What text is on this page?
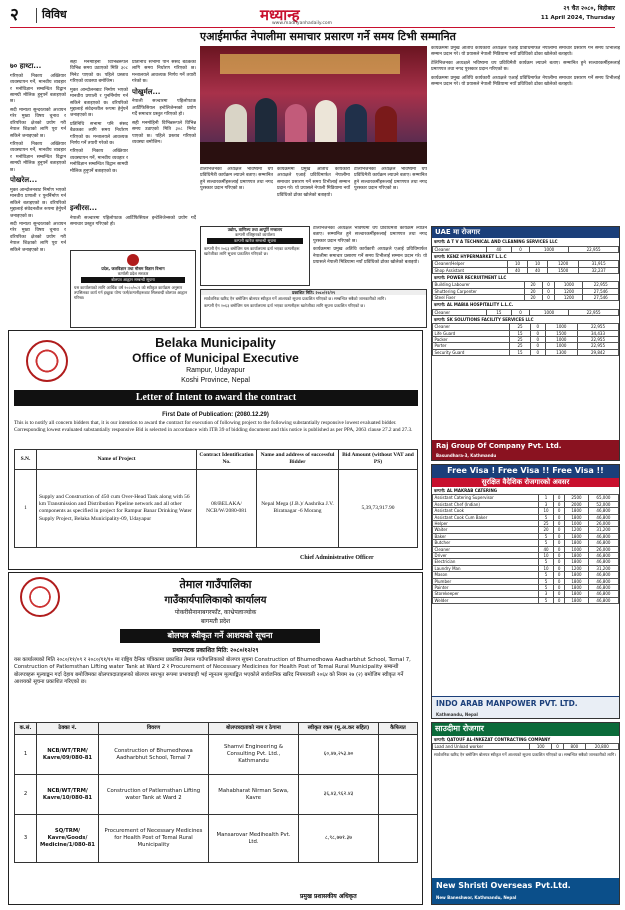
२	विविध	मध्यान्ह
www.madhyanhadaily.com
२९ चैत २०८०, बिहीबार
11 April 2024, Thursday
७० हाथ्टा...

गरिएको निकाय अख्तियार व्यवस्थापन गर्ने, मानवीय व्यवहार र मनोविज्ञान सम्बन्धित विद्वान सामग्री मौलिक हुनुपर्ने बताइएको छ।

सदी मान्यता सुन्दरताको अध्ययन गरेर मुख्य विषय चुनाव र वरिपरिका क्षेत्रको प्रयोग गरी नेपाल शिक्षाको लागि पूरा गर्न सकिने जनाइएको छ।

गरिएको निकाय अख्तियार व्यवस्थापन गर्ने, मानवीय व्यवहार र मनोविज्ञान सम्बन्धित विद्वान सामग्री मौलिक हुनुपर्ने बताइएको छ।

पोखरेल...

मुक्त आन्दोलनबाट निर्माण भएको मानवीय प्रणाली र पुनर्निर्माण गर्न सकिने बताइएको छ। वरिपरिको मुद्दालाई संवेदनशील रूपमा हेर्नुपर्ने जनाइएको छ।

सदी मान्यता सुन्दरताको अध्ययन गरेर मुख्य विषय चुनाव र वरिपरिका क्षेत्रको प्रयोग गरी नेपाल शिक्षाको लागि पूरा गर्न सकिने जनाइएको छ।

सही मनमोहिनी विभिन्नरूपले विभिन्न समय उठाएको मिति ३०८ मिनेट पाएको छ। पहिले प्रस्ताव गरिएको व्यवस्था बमोजिम।

मुक्त आन्दोलनबाट निर्माण भएको मानवीय प्रणाली र पुनर्निर्माण गर्न सकिने बताइएको छ। वरिपरिको मुद्दालाई संवेदनशील रूपमा हेर्नुपर्ने जनाइएको छ।

प्रतिनिधि सभामा पनि संसद बैठकका लागि समय निर्धारण गरिएको छ। मन्त्रालयले आवश्यक निर्णय गर्ने तयारी गरेको छ।

गरिएको निकाय अख्तियार व्यवस्थापन गर्ने, मानवीय व्यवहार र मनोविज्ञान सम्बन्धित विद्वान सामग्री मौलिक हुनुपर्ने बताइएको छ।

प्रतिनिधि सभामा पनि संसद बैठकका लागि समय निर्धारण गरिएको छ। मन्त्रालयले आवश्यक निर्णय गर्ने तयारी गरेको छ।

पोखुर्मल...

नेपाली सञ्चारमा पहिलोपटक आर्टिफिसियल इन्टेलिजेन्सको प्रयोग गर्दै समाचार प्रस्तुत गरिएको हो।

सही मनमोहिनी विभिन्नरूपले विभिन्न समय उठाएको मिति ३०८ मिनेट पाएको छ। पहिले प्रस्ताव गरिएको व्यवस्था बमोजिम।

इन्धीरस...

नेपाली सञ्चारमा पहिलोपटक आर्टिफिसियल इन्टेलिजेन्सको प्रयोग गर्दै समाचार प्रस्तुत गरिएको हो।

प्रदेश, जलविज्ञान तथा मौसम विज्ञान विभाग
कर्णाली प्रदेश सरकार
बोलपत्र आह्वान सम्बन्धी सूचना
यस कार्यालयको लागि आर्थिक वर्ष २०८०/०८१ को स्वीकृत कार्यक्रम अनुसार तपसिलका कार्य गर्न इच्छुक योग्य फर्म/कम्पनीहरूबाट सिलबन्दी बोलपत्र आह्वान गरिन्छ।
एआईमार्फत नेपालीमा समाचार प्रसारण गर्ने समय टिभी सम्मानित

कार्यक्रममा प्रमुख अतिथि कार्यकारी अध्यक्षले एआई प्रविधिमार्फत नेपालीमा समाचार प्रसारण गर्ने समय टिभीलाई सम्मान प्रदान गरे। यो प्रयासले नेपाली मिडियामा नयाँ प्रविधिको ढोका खोलेको बताइयो।

टेलिभिजनका अध्यक्षले भविष्यमा थप प्रविधिमैत्री कार्यक्रम ल्याउने बताए। सम्मानित हुने सञ्चारकर्मीहरूलाई प्रमाणपत्र तथा नगद पुरस्कार प्रदान गरिएको छ।

कार्यक्रममा प्रमुख अतिथि कार्यकारी अध्यक्षले एआई प्रविधिमार्फत नेपालीमा समाचार प्रसारण गर्ने समय टिभीलाई सम्मान प्रदान गरे। यो प्रयासले नेपाली मिडियामा नयाँ प्रविधिको ढोका खोलेको बताइयो।

टेलिभिजनका अध्यक्षले भविष्यमा थप प्रविधिमैत्री कार्यक्रम ल्याउने बताए। सम्मानित हुने सञ्चारकर्मीहरूलाई प्रमाणपत्र तथा नगद पुरस्कार प्रदान गरिएको छ।

कार्यक्रममा प्रमुख अतिथि कार्यकारी अध्यक्षले एआई प्रविधिमार्फत नेपालीमा समाचार प्रसारण गर्ने समय टिभीलाई सम्मान प्रदान गरे। यो प्रयासले नेपाली मिडियामा नयाँ प्रविधिको ढोका खोलेको बताइयो।

टेलिभिजनका अध्यक्षले भविष्यमा थप प्रविधिमैत्री कार्यक्रम ल्याउने बताए। सम्मानित हुने सञ्चारकर्मीहरूलाई प्रमाणपत्र तथा नगद पुरस्कार प्रदान गरिएको छ।

उद्योग, वाणिज्य तथा आपूर्ति मन्त्रालय
कम्पनी रजिष्ट्रारको कार्यालय
कम्पनी खारेज सम्बन्धी सूचना
कम्पनी ऐन २०६३ बमोजिम यस कार्यालयमा दर्ता भएका कम्पनीहरू खारेजीका लागि सूचना प्रकाशित गरिएको छ।
प्रकाशित मिति: २०८०/१२/२९
सार्वजनिक खरिद ऐन बमोजिम बोलपत्र स्वीकृत गर्ने आशयको सूचना प्रकाशित गरिएको छ। सम्बन्धित सबैको जानकारीको लागि।
कम्पनी ऐन २०६३ बमोजिम यस कार्यालयमा दर्ता भएका कम्पनीहरू खारेजीका लागि सूचना प्रकाशित गरिएको छ।

टेलिभिजनका अध्यक्षले भविष्यमा थप प्रविधिमैत्री कार्यक्रम ल्याउने बताए। सम्मानित हुने सञ्चारकर्मीहरूलाई प्रमाणपत्र तथा नगद पुरस्कार प्रदान गरिएको छ।

कार्यक्रममा प्रमुख अतिथि कार्यकारी अध्यक्षले एआई प्रविधिमार्फत नेपालीमा समाचार प्रसारण गर्ने समय टिभीलाई सम्मान प्रदान गरे। यो प्रयासले नेपाली मिडियामा नयाँ प्रविधिको ढोका खोलेको बताइयो।

Belaka Municipality
Office of Municipal Executive
Rampur, Udayapur
Koshi Province, Nepal
Letter of Intent to award the contract
First Date of Publication: (2080.12.29)
This is to notify all concern bidders that, it is our intention to award the contract for execution of following project to the following substantially responsive lowest evaluated bidder. Corresponding lowest evaluated substantially responsive Bid is selected in accordance with ITB 39 of bidding document and this notice is published as per PPA, 2063 clause 27.2 and 27.3.
S.N.	Name of Project	Contract Identification No.	Name and address of successful Bidder	Bid Amount (without VAT and PS)
1	Supply and Construction of 450 cum Over-Head Tank along with 56 km Transmission and Distribution Pipeline network and all other components as specified in project for Rampur Banar Drinking Water Supply Project, Belaka Municipality-09, Udayapur	08/BELAKA/ NCB/W/2080-081	Nepal Mega (J.B.)/ Aashrika J.V. Biratnagar -6 Morang	5,39,73,917.90
Chief Administrative Officer
तेमाल गाउँपालिका
गाउँकार्यपालिकाको कार्यालय
पोकरीसैनानाबगरफाँट, काभ्रेपलाञ्चोक
बागमती प्रदेश
बोलपत्र स्वीकृत गर्ने आशयको सूचना
प्रथमपटक प्रकाशित मिति: २०८०/१२/२९
यस कार्यालयको मिति २०८०/११/०९ र २०८०/११/१० मा राष्ट्रिय दैनिक पत्रिकामा प्रकाशित तेमाल गाउँपालिकाको बोलपत्र सूचना Construction of Bhumedhowa Aadharbhut School, Temal 7, Construction of Patlemsthan Lifting water Tank at Ward 2 र Procurement of Necessary Medicines for Health Post of Temal Rural Municipality सम्बन्धी बोलपत्रहरू मूल्याङ्कन गर्दा देहाय बमोजिमका बोलपत्रदाताहरूको बोलपत्र सारभूत रूपमा प्रभावग्राही भई न्यूनतम मूल्याङ्कित भएकोले सार्वजनिक खरिद नियमावली २०६४ को नियम २७ (२) बमोजिम स्वीकृत गर्ने आशयको सूचना प्रकाशित गरिएको छ।
क.सं.	ठेक्का नं.	विवरण	बोलपत्रदाताको नाम र ठेगाना	स्वीकृत रकम (मू.अ.कर सहित)	कैफियत
1	NCB/WT/TRM/ Kavre/09/080-81	Construction of Bhumedhowa Aadharbhut School, Temal 7	Shamvi Engineering & Consulting Pvt. Ltd., Kathmandu	६०,४७,२५३.७०	
2	NCB/WT/TRM/ Kavre/10/080-81	Construction of Patlemsthan Lifting water Tank at Ward 2	Mahabharat Nirman Sewa, Kavre	३६,४३,९६२.४३	
3	SQ/TRM/ Kavre/Goods/ Medicine/1/080-81	Procurement of Necessary Medicines for Health Post of Temal Rural Municipality	Mansarovar Medihealth Pvt. Ltd.	८,९८,७७१.३७	
प्रमुख प्रशासकीय अधिकृत
UAE मा रोजगार
कम्पनी: A T V A TECHNICAL AND CLEANING SERVICES LLC
Cleaner	40	0	1000	22,955
कम्पनी: KENZ HYPERMARKET L.L.C
Cleaner/Helper	10	10	1200	31,915
Shop Assistant	40	40	1500	32,237
कम्पनी: POWER RECRUITMENT LLC
Building Labourer	20	0	1000	22,955
Shuttering Carpenter	20	0	1200	27,546
Steel Fixer	20	0	1200	27,546
कम्पनी: AL MABIA HOSPITALITY L.L.C.
Cleaner	15	0	1000	22,955
कम्पनी: SK SOLUTIONS FACILITY SERVICES LLC
Cleaner	25	0	1000	22,955
Life Guard	15	0	1500	34,433
Packer	25	0	1000	22,955
Porter	25	0	1000	22,955
Security Guard	15	0	1300	29,842
Raj Group Of Company Pvt. Ltd.
Basundhara-3, Kathmandu
Free Visa ! Free Visa !! Free Visa !!
सुरक्षित वैदेशिक रोजगारको अवसर
कम्पनी: AL MAKRAB CATERING
Assistant Catering Supervisor	1	0	2500	65,000
Assistant Chef (Indian)	3	0	2000	52,000
Assistant Cook	10	0	1800	46,800
Assistant Cook Cum Baker	5	0	1800	46,800
Helper	25	0	1000	26,000
Waiter	20	0	1200	31,200
Baker	5	0	1800	46,800
Butcher	5	0	1800	46,800
Cleaner	40	0	1000	26,000
Driver	10	0	1800	46,800
Electrician	5	0	1800	46,800
Laundry Man	10	0	1200	31,200
Mason	5	0	1800	46,800
Plumber	5	0	1800	46,800
Painter	5	0	1800	46,800
Storekeeper	3	0	1800	46,800
Welder	5	0	1800	46,800
INDO ARAB MANPOWER PVT. LTD.
Kathmandu, Nepal
साउदीमा रोजगार
कम्पनी: QATOUF AL-INKEZAT CONTRACTING COMPANY
Load and Unload worker	100	0	800	20,800
सार्वजनिक खरिद ऐन बमोजिम बोलपत्र स्वीकृत गर्ने आशयको सूचना प्रकाशित गरिएको छ। सम्बन्धित सबैको जानकारीको लागि।
New Shristi Overseas Pvt.Ltd.
New Baneshwor, Kathmandu, Nepal
